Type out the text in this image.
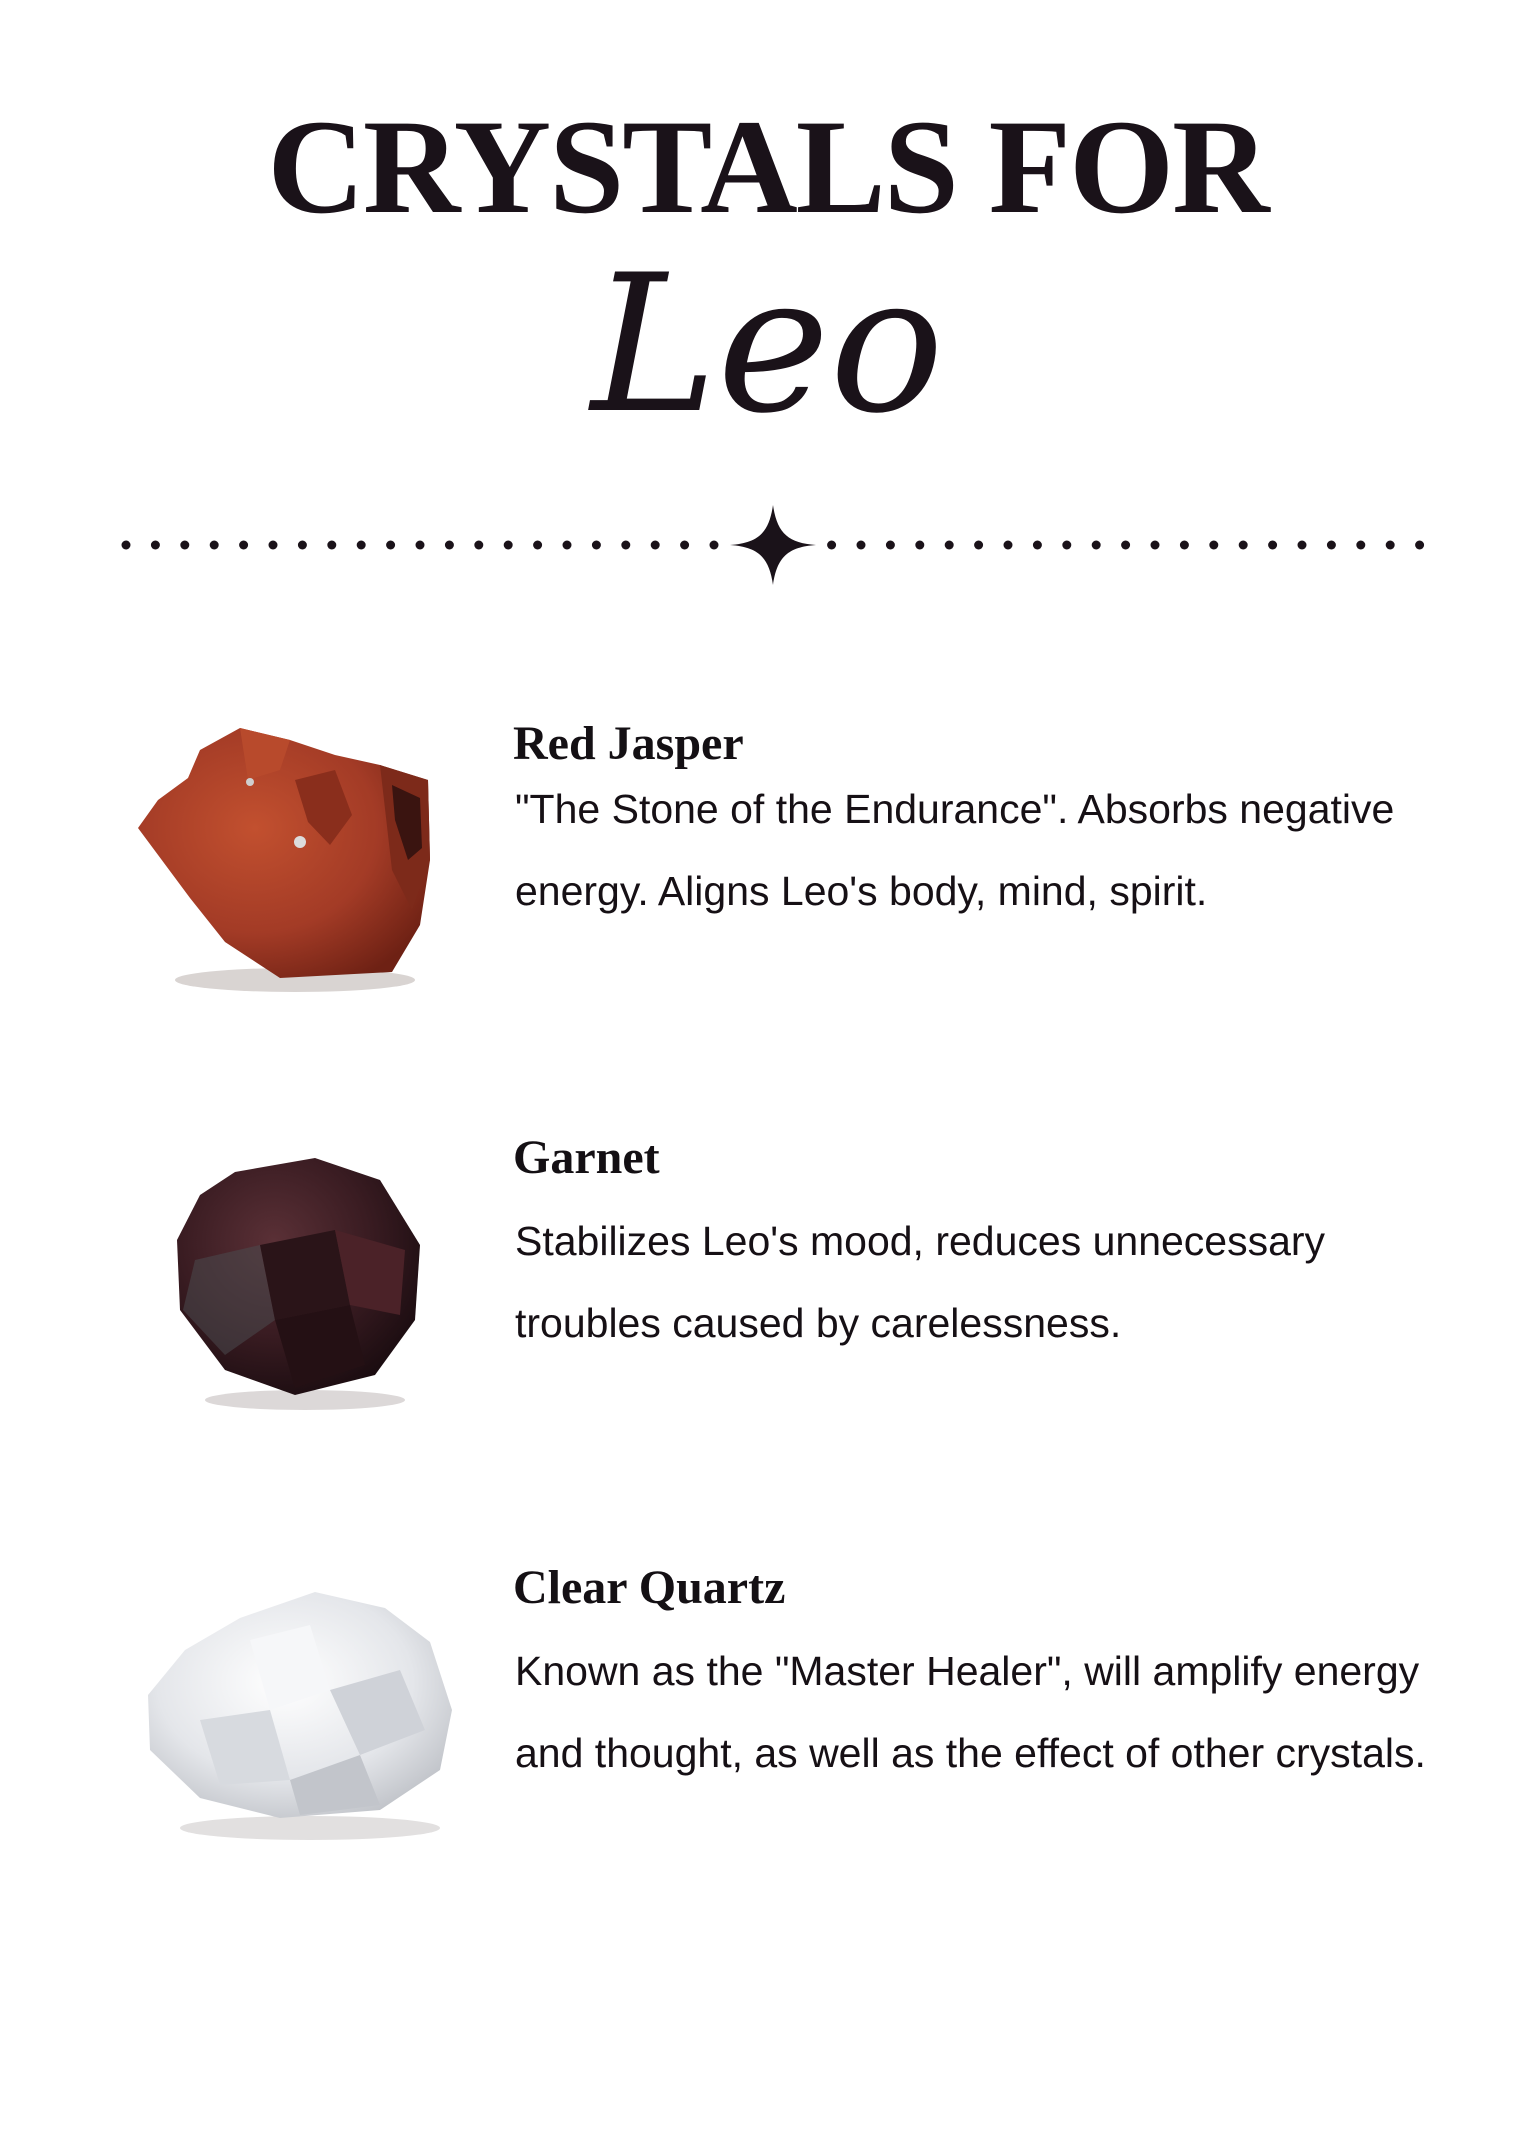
CRYSTALS FOR
Leo
Red Jasper

"The Stone of the Endurance". Absorbs negative energy. Aligns Leo's body, mind, spirit.

Garnet

Stabilizes Leo's mood, reduces unnecessary troubles caused by carelessness.

Clear Quartz

Known as the "Master Healer", will amplify energy and thought, as well as the effect of other crystals.
